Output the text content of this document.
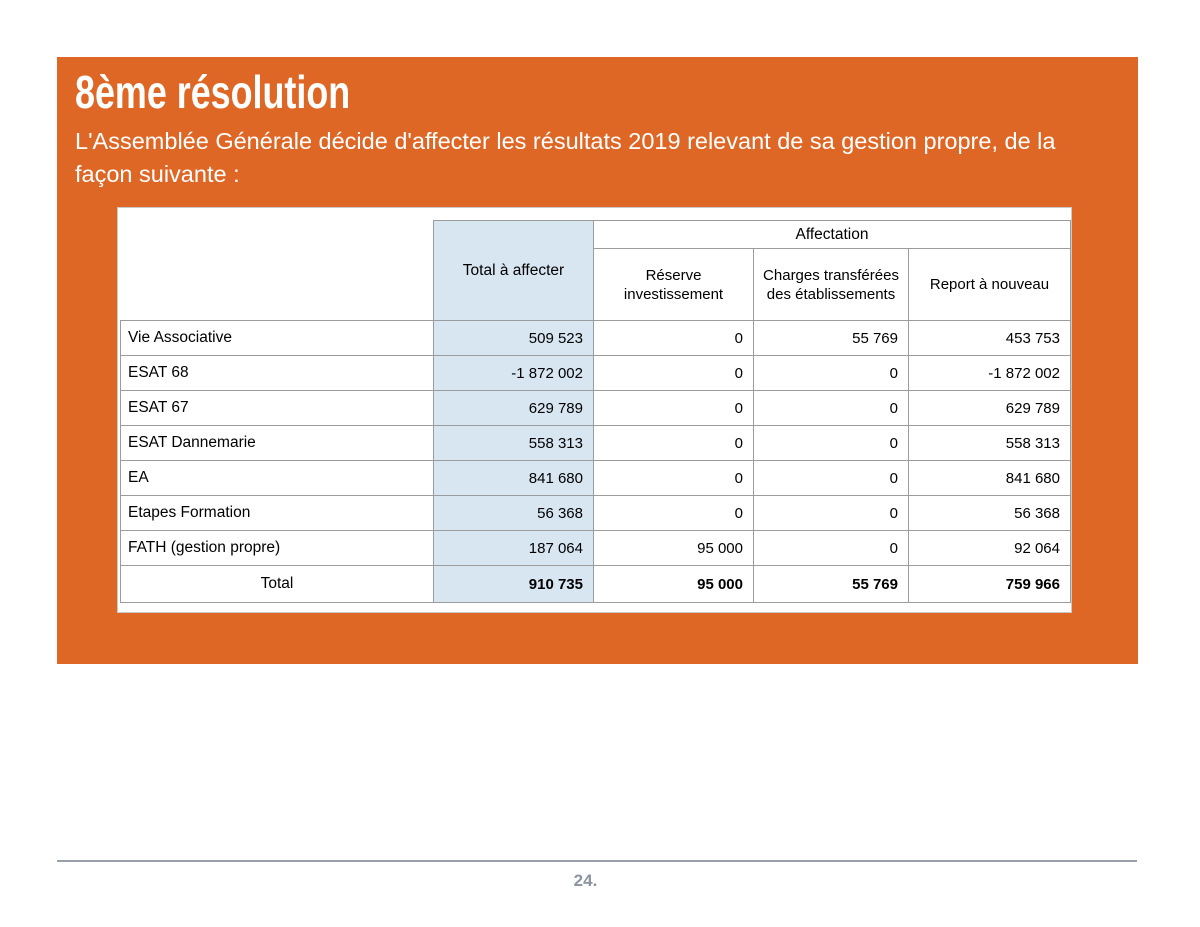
8ème résolution

L'Assemblée Générale décide d'affecter les résultats 2019 relevant de sa gestion propre, de la façon suivante :

	Total à affecter	Affectation		
		Réserve investissement	Charges transférées des établissements	Report à nouveau
Vie Associative	509 523	0	55 769	453 753
ESAT 68	-1 872 002	0	0	-1 872 002
ESAT 67	629 789	0	0	629 789
ESAT Dannemarie	558 313	0	0	558 313
EA	841 680	0	0	841 680
Etapes Formation	56 368	0	0	56 368
FATH (gestion propre)	187 064	95 000	0	92 064
Total	910 735	95 000	55 769	759 966
24.
